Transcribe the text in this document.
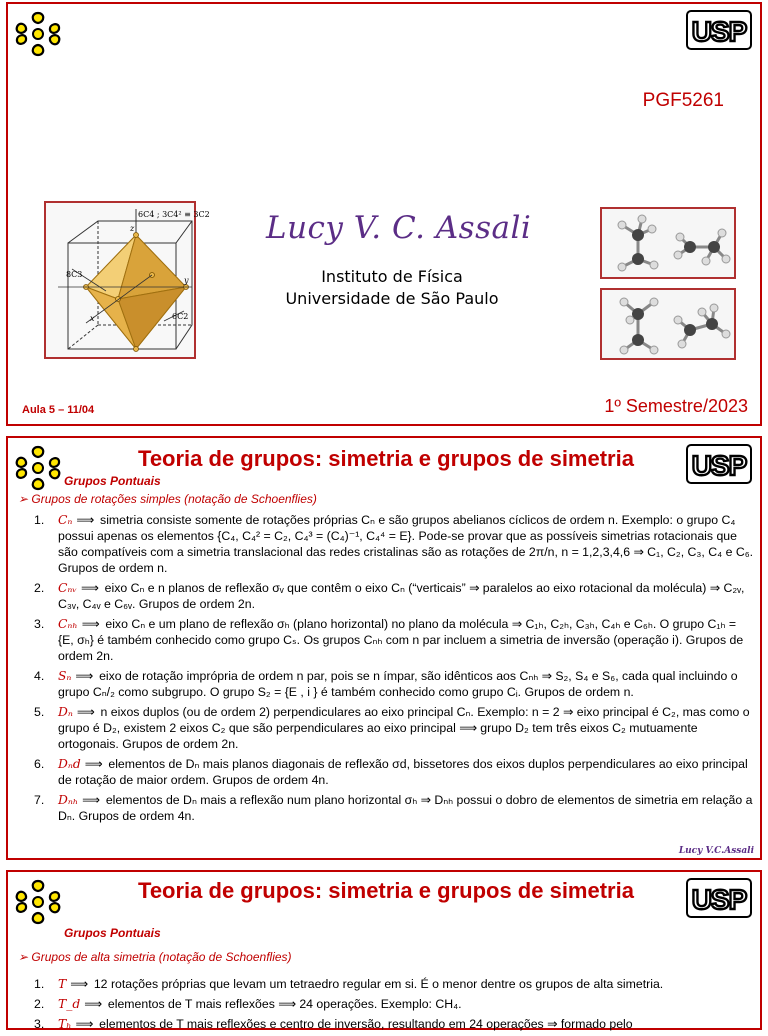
PGF5261
6C4 ; 3C4² ≡ 3C2
z
8C3
y
x	6C2
Lucy V. C. Assali
Instituto de Física
Universidade de São Paulo
Aula 5 – 11/04	1º Semestre/2023
Teoria de grupos: simetria e grupos de simetria
Grupos Pontuais
➢ Grupos de rotações simples (notação de Schoenflies)
1. Cₙ ⟹ simetria consiste somente de rotações próprias Cₙ e são grupos abelianos cíclicos de ordem n. Exemplo: o grupo C₄ possui apenas os elementos {C₄, C₄² = C₂, C₄³ = (C₄)⁻¹, C₄⁴ = E}. Pode-se provar que as possíveis simetrias rotacionais que são compatíveis com a simetria translacional das redes cristalinas são as rotações de 2π/n, n = 1,2,3,4,6 ⇒ C₁, C₂, C₃, C₄ e C₆. Grupos de ordem n.
2. Cₙᵥ ⟹ eixo Cₙ e n planos de reflexão σᵥ que contêm o eixo Cₙ (“verticais” ⇒ paralelos ao eixo rotacional da molécula) ⇒ C₂ᵥ, C₃ᵥ, C₄ᵥ e C₆ᵥ. Grupos de ordem 2n.
3. Cₙₕ ⟹ eixo Cₙ e um plano de reflexão σₕ (plano horizontal) no plano da molécula ⇒ C₁ₕ, C₂ₕ, C₃ₕ, C₄ₕ e C₆ₕ. O grupo C₁ₕ = {E, σₕ} é também conhecido como grupo Cₛ. Os grupos Cₙₕ com n par incluem a simetria de inversão (operação i). Grupos de ordem 2n.
4. Sₙ ⟹ eixo de rotação imprópria de ordem n par, pois se n ímpar, são idênticos aos Cₙₕ ⇒ S₂, S₄ e S₆, cada qual incluindo o grupo Cₙ/₂ como subgrupo. O grupo S₂ = {E , i } é também conhecido como grupo Cᵢ. Grupos de ordem n.
5. Dₙ ⟹ n eixos duplos (ou de ordem 2) perpendiculares ao eixo principal Cₙ. Exemplo: n = 2 ⇒ eixo principal é C₂, mas como o grupo é D₂, existem 2 eixos C₂ que são perpendiculares ao eixo principal ⟹ grupo D₂ tem três eixos C₂ mutuamente ortogonais. Grupos de ordem 2n.
6. Dₙd ⟹ elementos de Dₙ mais planos diagonais de reflexão σd, bissetores dos eixos duplos perpendiculares ao eixo principal de rotação de maior ordem. Grupos de ordem 4n.
7. Dₙₕ ⟹ elementos de Dₙ mais a reflexão num plano horizontal σₕ ⇒ Dₙₕ possui o dobro de elementos de simetria em relação a Dₙ. Grupos de ordem 4n.
Lucy V.C.Assali
Teoria de grupos: simetria e grupos de simetria
Grupos Pontuais
➢ Grupos de alta simetria (notação de Schoenflies)
1. T ⟹ 12 rotações próprias que levam um tetraedro regular em si. É o menor dentre os grupos de alta simetria.
2. T_d ⟹ elementos de T mais reflexões ⟹ 24 operações. Exemplo: CH₄.
3. Tₕ ⟹ elementos de T mais reflexões e centro de inversão, resultando em 24 operações ⇒ formado pelo
